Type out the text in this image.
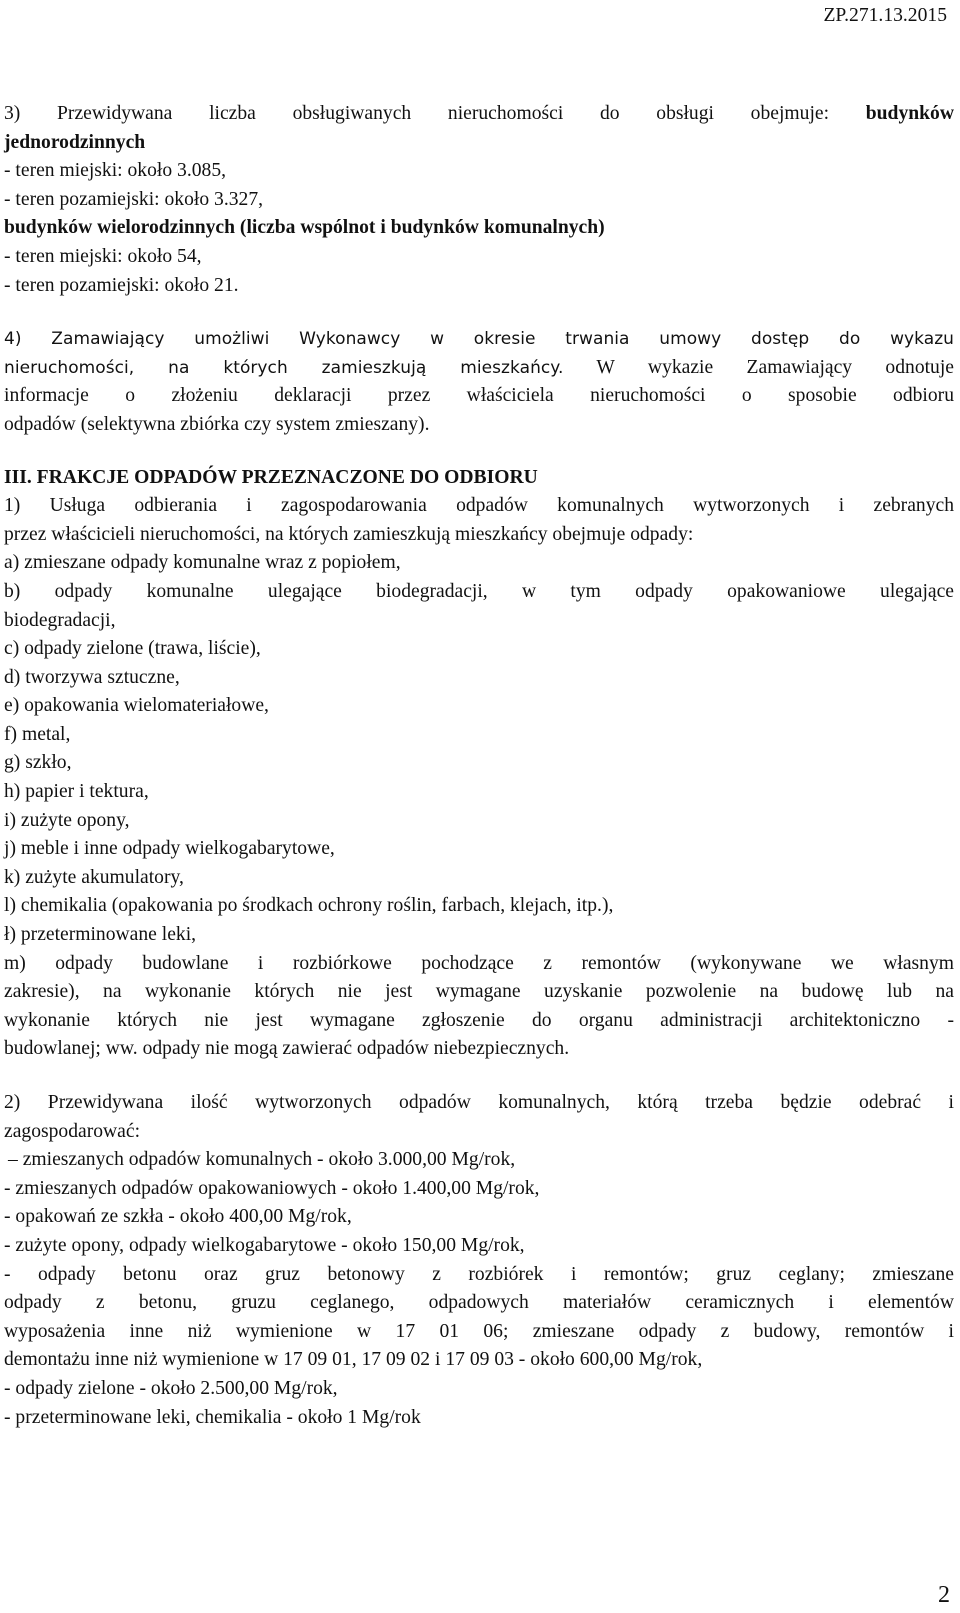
ZP.271.13.2015
3) Przewidywana liczba obsługiwanych nieruchomości do obsługi obejmuje: budynków
jednorodzinnych
- teren miejski: około 3.085,
- teren pozamiejski: około 3.327,
budynków wielorodzinnych (liczba wspólnot i budynków komunalnych)
- teren miejski: około 54,
- teren pozamiejski: około 21.
4) Zamawiający umożliwi Wykonawcy w okresie trwania umowy dostęp do wykazu
nieruchomości, na których zamieszkują mieszkańcy. W wykazie Zamawiający odnotuje
informacje o złożeniu deklaracji przez właściciela nieruchomości o sposobie odbioru
odpadów (selektywna zbiórka czy system zmieszany).
III. FRAKCJE ODPADÓW PRZEZNACZONE DO ODBIORU
1) Usługa odbierania i zagospodarowania odpadów komunalnych wytworzonych i zebranych
przez właścicieli nieruchomości, na których zamieszkują mieszkańcy obejmuje odpady:
a) zmieszane odpady komunalne wraz z popiołem,
b) odpady komunalne ulegające biodegradacji, w tym odpady opakowaniowe ulegające
biodegradacji,
c) odpady zielone (trawa, liście),
d) tworzywa sztuczne,
e) opakowania wielomateriałowe,
f) metal,
g) szkło,
h) papier i tektura,
i) zużyte opony,
j) meble i inne odpady wielkogabarytowe,
k) zużyte akumulatory,
l) chemikalia (opakowania po środkach ochrony roślin, farbach, klejach, itp.),
ł) przeterminowane leki,
m) odpady budowlane i rozbiórkowe pochodzące z remontów (wykonywane we własnym
zakresie), na wykonanie których nie jest wymagane uzyskanie pozwolenie na budowę lub na
wykonanie których nie jest wymagane zgłoszenie do organu administracji architektoniczno -
budowlanej; ww. odpady nie mogą zawierać odpadów niebezpiecznych.
2) Przewidywana ilość wytworzonych odpadów komunalnych, którą trzeba będzie odebrać i
zagospodarować:
– zmieszanych odpadów komunalnych - około 3.000,00 Mg/rok,
- zmieszanych odpadów opakowaniowych - około 1.400,00 Mg/rok,
- opakowań ze szkła - około 400,00 Mg/rok,
- zużyte opony, odpady wielkogabarytowe - około 150,00 Mg/rok,
- odpady betonu oraz gruz betonowy z rozbiórek i remontów; gruz ceglany; zmieszane
odpady z betonu, gruzu ceglanego, odpadowych materiałów ceramicznych i elementów
wyposażenia inne niż wymienione w 17 01 06; zmieszane odpady z budowy, remontów i
demontażu inne niż wymienione w 17 09 01, 17 09 02 i 17 09 03 - około 600,00 Mg/rok,
- odpady zielone - około 2.500,00 Mg/rok,
- przeterminowane leki, chemikalia - około 1 Mg/rok
2
